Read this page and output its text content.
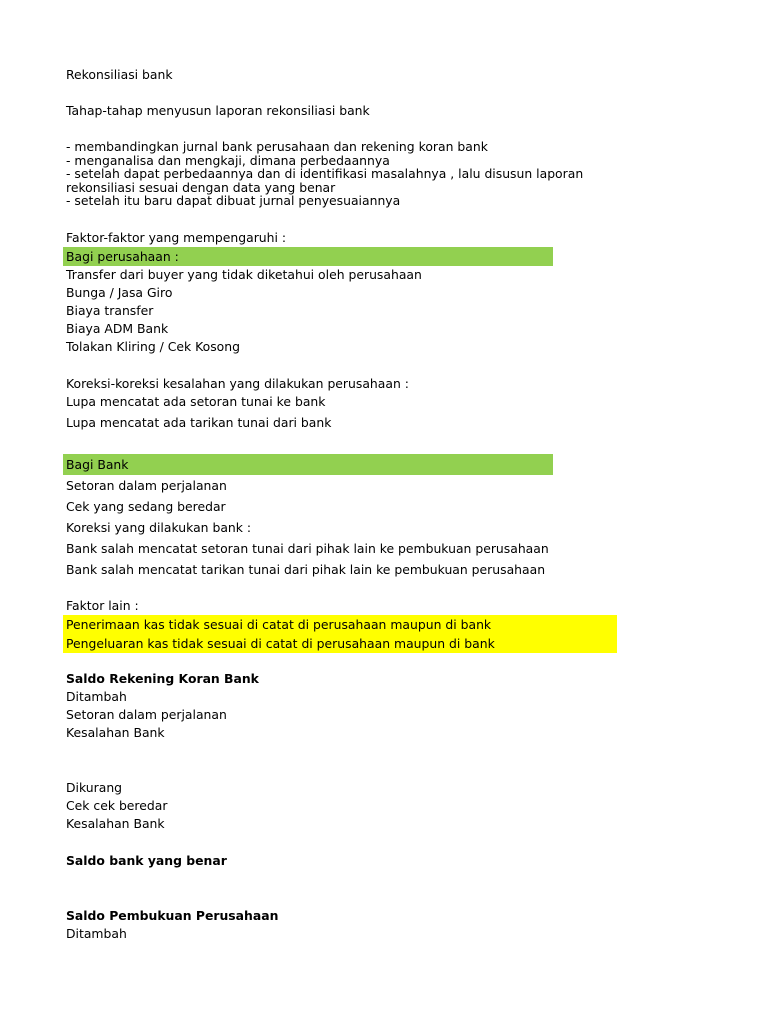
Rekonsiliasi bank
Tahap-tahap menyusun laporan rekonsiliasi bank
- membandingkan jurnal bank perusahaan dan rekening koran bank
- menganalisa dan mengkaji, dimana perbedaannya
- setelah dapat perbedaannya dan di identifikasi masalahnya , lalu disusun laporan
rekonsiliasi sesuai dengan data yang benar
- setelah itu baru dapat dibuat jurnal penyesuaiannya
Faktor-faktor yang mempengaruhi :
Bagi perusahaan :
Transfer dari buyer yang tidak diketahui oleh perusahaan
Bunga / Jasa Giro
Biaya transfer
Biaya ADM Bank
Tolakan Kliring / Cek Kosong
Koreksi-koreksi kesalahan yang dilakukan perusahaan :
Lupa mencatat ada setoran tunai ke bank
Lupa mencatat ada tarikan tunai dari bank
Bagi Bank
Setoran dalam perjalanan
Cek yang sedang beredar
Koreksi yang dilakukan bank :
Bank salah mencatat setoran tunai dari pihak lain ke pembukuan perusahaan
Bank salah mencatat tarikan tunai dari pihak lain ke pembukuan perusahaan
Faktor lain :
Penerimaan kas tidak sesuai di catat di perusahaan maupun di bank
Pengeluaran kas tidak sesuai di catat di perusahaan maupun di bank
Saldo Rekening Koran Bank
Ditambah
Setoran dalam perjalanan
Kesalahan Bank
Dikurang
Cek cek beredar
Kesalahan Bank
Saldo bank yang benar
Saldo Pembukuan Perusahaan
Ditambah
